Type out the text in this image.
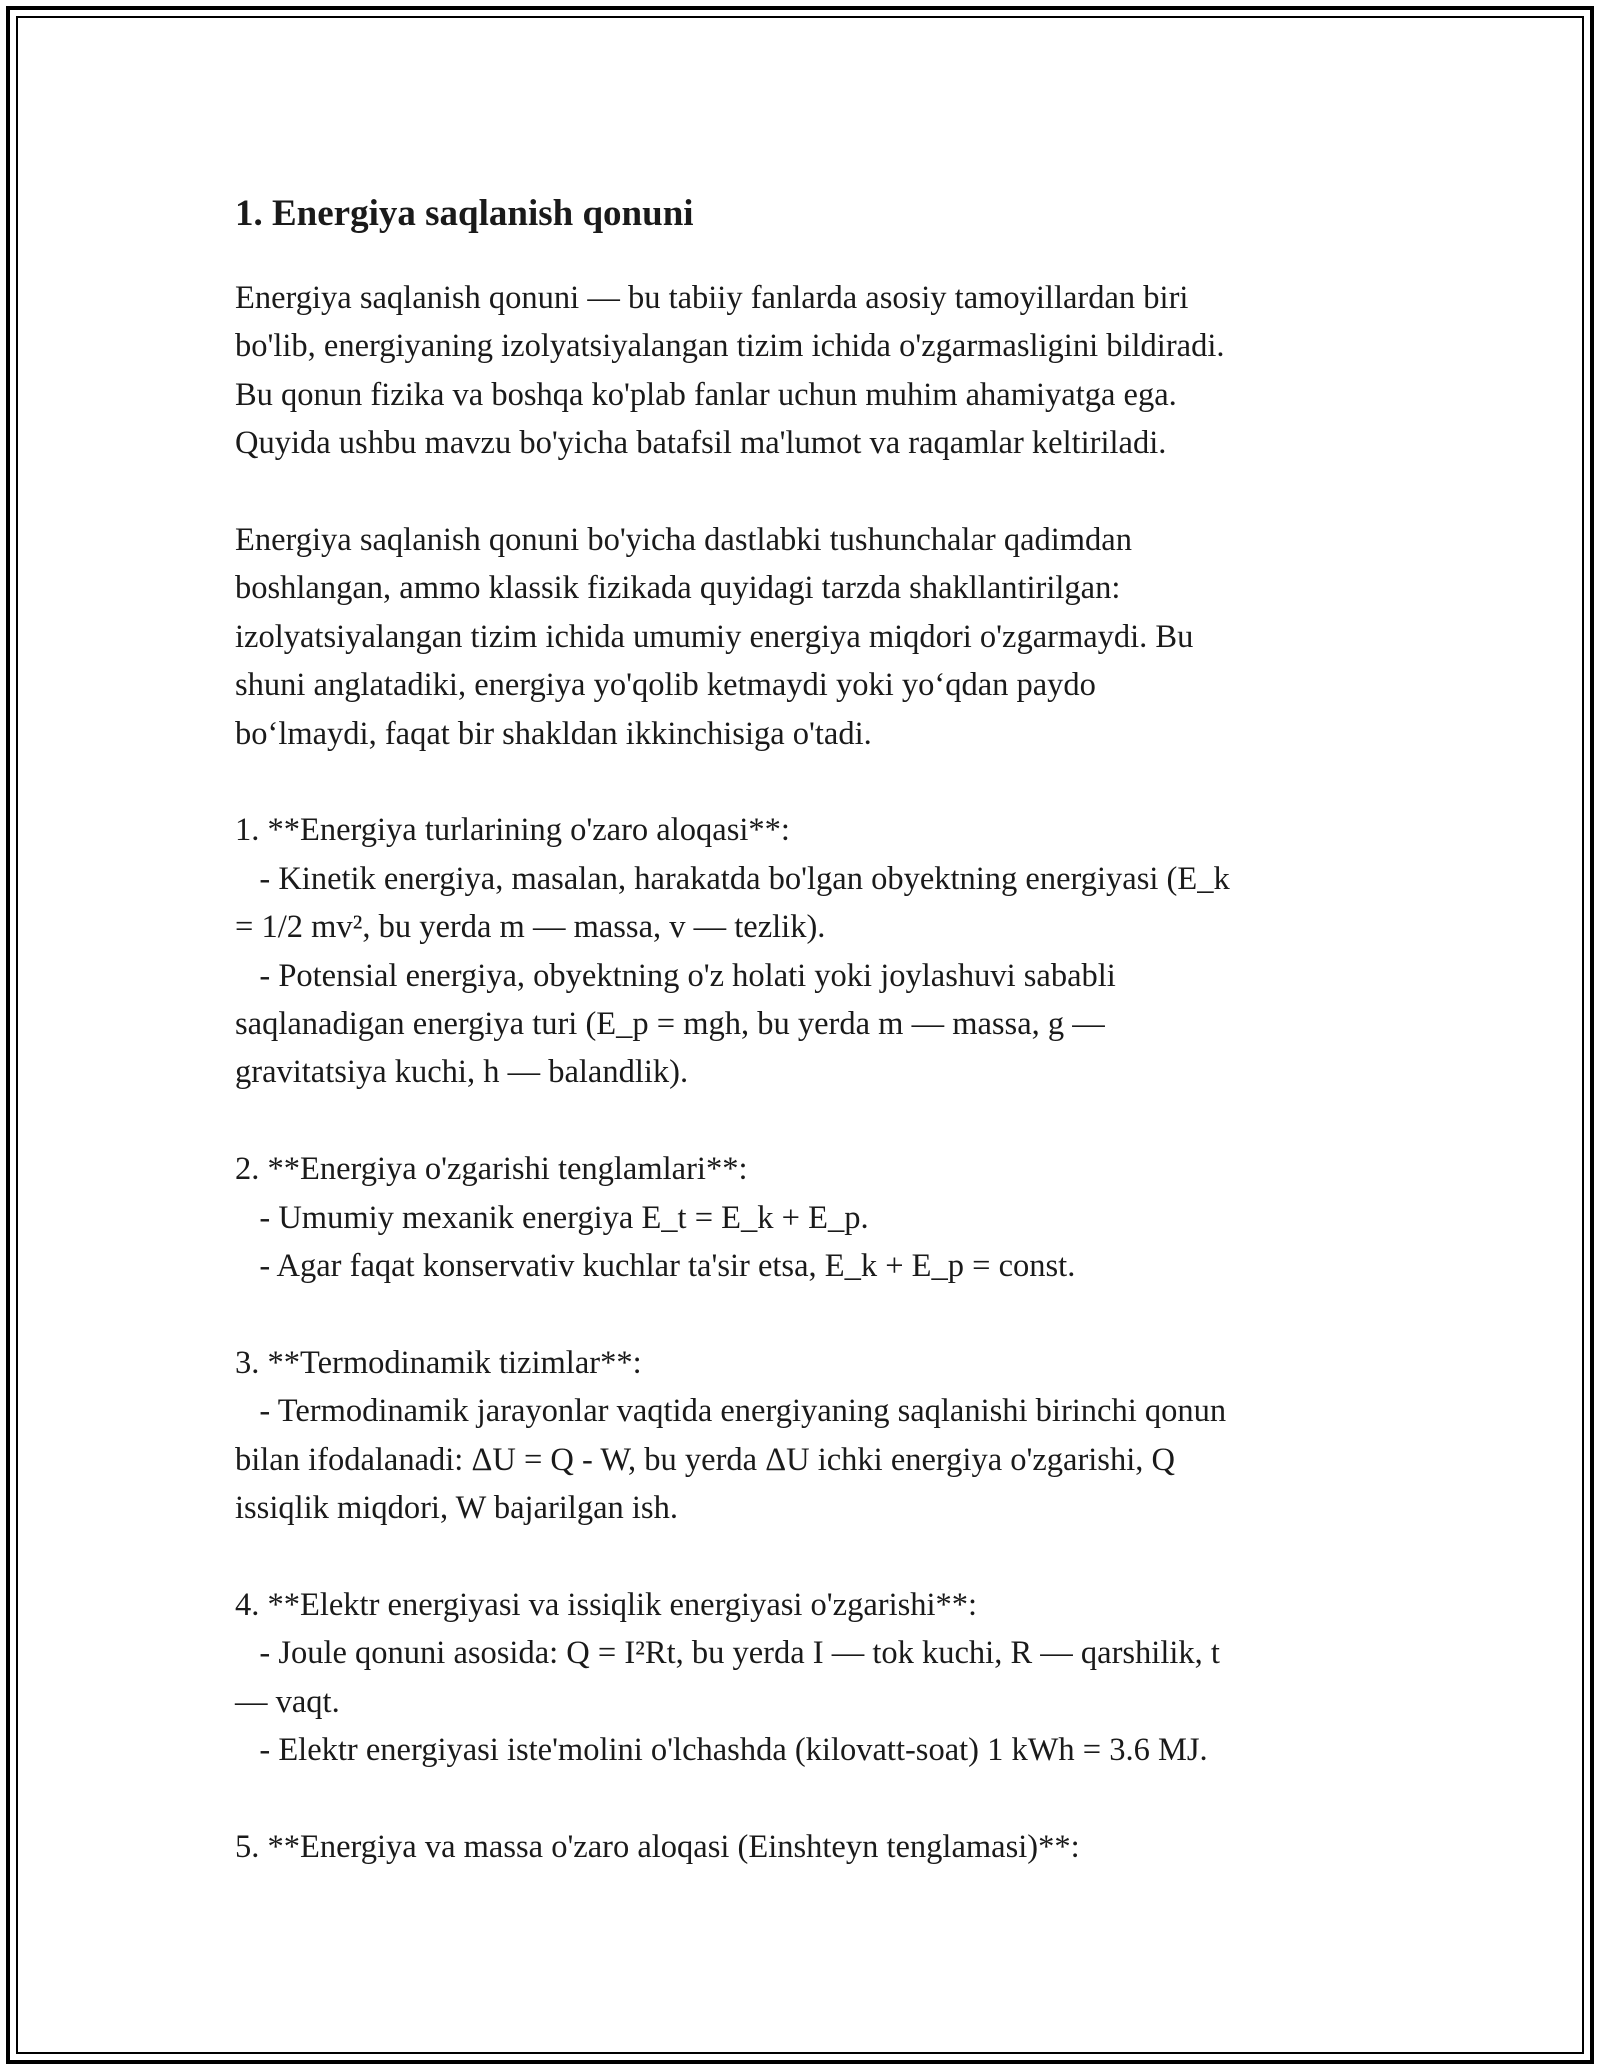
1. Energiya saqlanish qonuni

Energiya saqlanish qonuni — bu tabiiy fanlarda asosiy tamoyillardan biri

bo'lib, energiyaning izolyatsiyalangan tizim ichida o'zgarmasligini bildiradi.

Bu qonun fizika va boshqa ko'plab fanlar uchun muhim ahamiyatga ega.

Quyida ushbu mavzu bo'yicha batafsil ma'lumot va raqamlar keltiriladi.

Energiya saqlanish qonuni bo'yicha dastlabki tushunchalar qadimdan

boshlangan, ammo klassik fizikada quyidagi tarzda shakllantirilgan:

izolyatsiyalangan tizim ichida umumiy energiya miqdori o'zgarmaydi. Bu

shuni anglatadiki, energiya yo'qolib ketmaydi yoki yo‘qdan paydo

bo‘lmaydi, faqat bir shakldan ikkinchisiga o'tadi.

1. **Energiya turlarining o'zaro aloqasi**:

- Kinetik energiya, masalan, harakatda bo'lgan obyektning energiyasi (E_k

= 1/2 mv², bu yerda m — massa, v — tezlik).

- Potensial energiya, obyektning o'z holati yoki joylashuvi sababli

saqlanadigan energiya turi (E_p = mgh, bu yerda m — massa, g —

gravitatsiya kuchi, h — balandlik).

2. **Energiya o'zgarishi tenglamlari**:

- Umumiy mexanik energiya E_t = E_k + E_p.

- Agar faqat konservativ kuchlar ta'sir etsa, E_k + E_p = const.

3. **Termodinamik tizimlar**:

- Termodinamik jarayonlar vaqtida energiyaning saqlanishi birinchi qonun

bilan ifodalanadi: ΔU = Q - W, bu yerda ΔU ichki energiya o'zgarishi, Q

issiqlik miqdori, W bajarilgan ish.

4. **Elektr energiyasi va issiqlik energiyasi o'zgarishi**:

- Joule qonuni asosida: Q = I²Rt, bu yerda I — tok kuchi, R — qarshilik, t

— vaqt.

- Elektr energiyasi iste'molini o'lchashda (kilovatt-soat) 1 kWh = 3.6 MJ.

5. **Energiya va massa o'zaro aloqasi (Einshteyn tenglamasi)**:
